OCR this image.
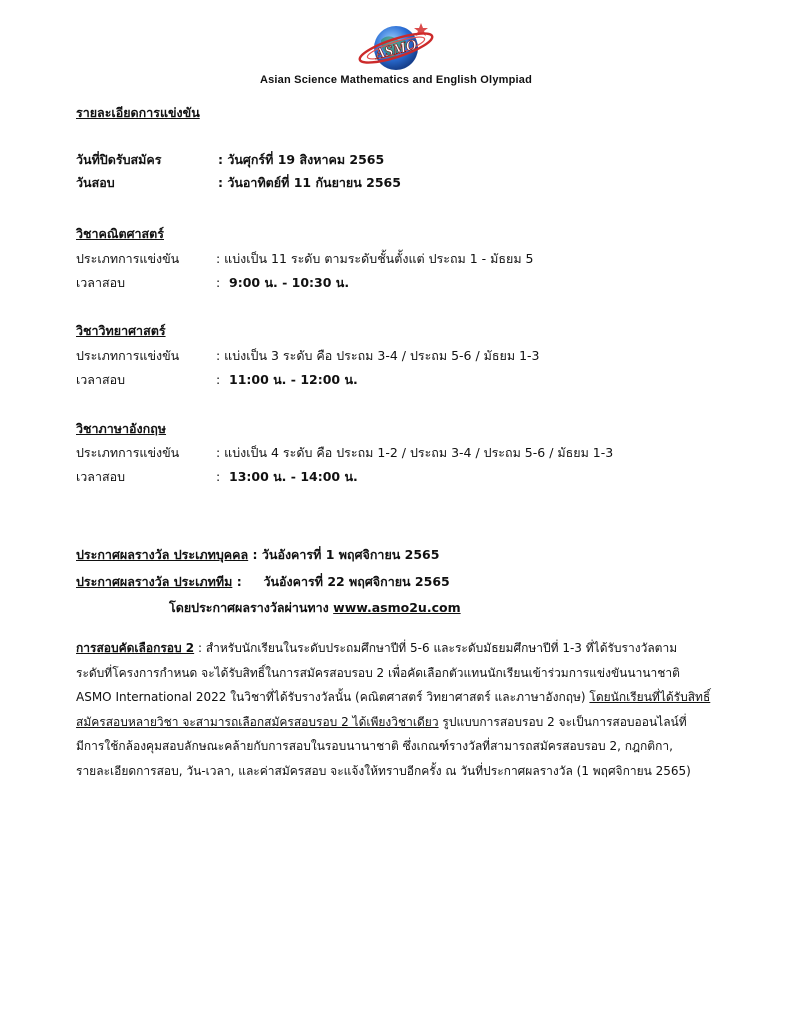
ASMO
Asian Science Mathematics and English Olympiad
รายละเอียดการแข่งขัน
วันที่ปิดรับสมัคร	: วันศุกร์ที่ 19 สิงหาคม 2565
วันสอบ	: วันอาทิตย์ที่ 11 กันยายน 2565
วิชาคณิตศาสตร์
ประเภทการแข่งขัน	: แบ่งเป็น 11 ระดับ ตามระดับชั้นตั้งแต่ ประถม 1 - มัธยม 5
เวลาสอบ	: 9:00 น. - 10:30 น.
วิชาวิทยาศาสตร์
ประเภทการแข่งขัน	: แบ่งเป็น 3 ระดับ คือ ประถม 3-4 / ประถม 5-6 / มัธยม 1-3
เวลาสอบ	: 11:00 น. - 12:00 น.
วิชาภาษาอังกฤษ
ประเภทการแข่งขัน	: แบ่งเป็น 4 ระดับ คือ ประถม 1-2 / ประถม 3-4 / ประถม 5-6 / มัธยม 1-3
เวลาสอบ	: 13:00 น. - 14:00 น.
ประกาศผลรางวัล ประเภทบุคคล : วันอังคารที่ 1 พฤศจิกายน 2565
ประกาศผลรางวัล ประเภททีม :     วันอังคารที่ 22 พฤศจิกายน 2565
โดยประกาศผลรางวัลผ่านทาง www.asmo2u.com
การสอบคัดเลือกรอบ 2 : สำหรับนักเรียนในระดับประถมศึกษาปีที่ 5-6 และระดับมัธยมศึกษาปีที่ 1-3 ที่ได้รับรางวัลตาม
ระดับที่โครงการกำหนด จะได้รับสิทธิ์ในการสมัครสอบรอบ 2 เพื่อคัดเลือกตัวแทนนักเรียนเข้าร่วมการแข่งขันนานาชาติ
ASMO International 2022 ในวิชาที่ได้รับรางวัลนั้น (คณิตศาสตร์ วิทยาศาสตร์ และภาษาอังกฤษ) โดยนักเรียนที่ได้รับสิทธิ์
สมัครสอบหลายวิชา จะสามารถเลือกสมัครสอบรอบ 2 ได้เพียงวิชาเดียว รูปแบบการสอบรอบ 2 จะเป็นการสอบออนไลน์ที่
มีการใช้กล้องคุมสอบลักษณะคล้ายกับการสอบในรอบนานาชาติ ซึ่งเกณฑ์รางวัลที่สามารถสมัครสอบรอบ 2, กฎกติกา,
รายละเอียดการสอบ, วัน-เวลา, และค่าสมัครสอบ จะแจ้งให้ทราบอีกครั้ง ณ วันที่ประกาศผลรางวัล (1 พฤศจิกายน 2565)
